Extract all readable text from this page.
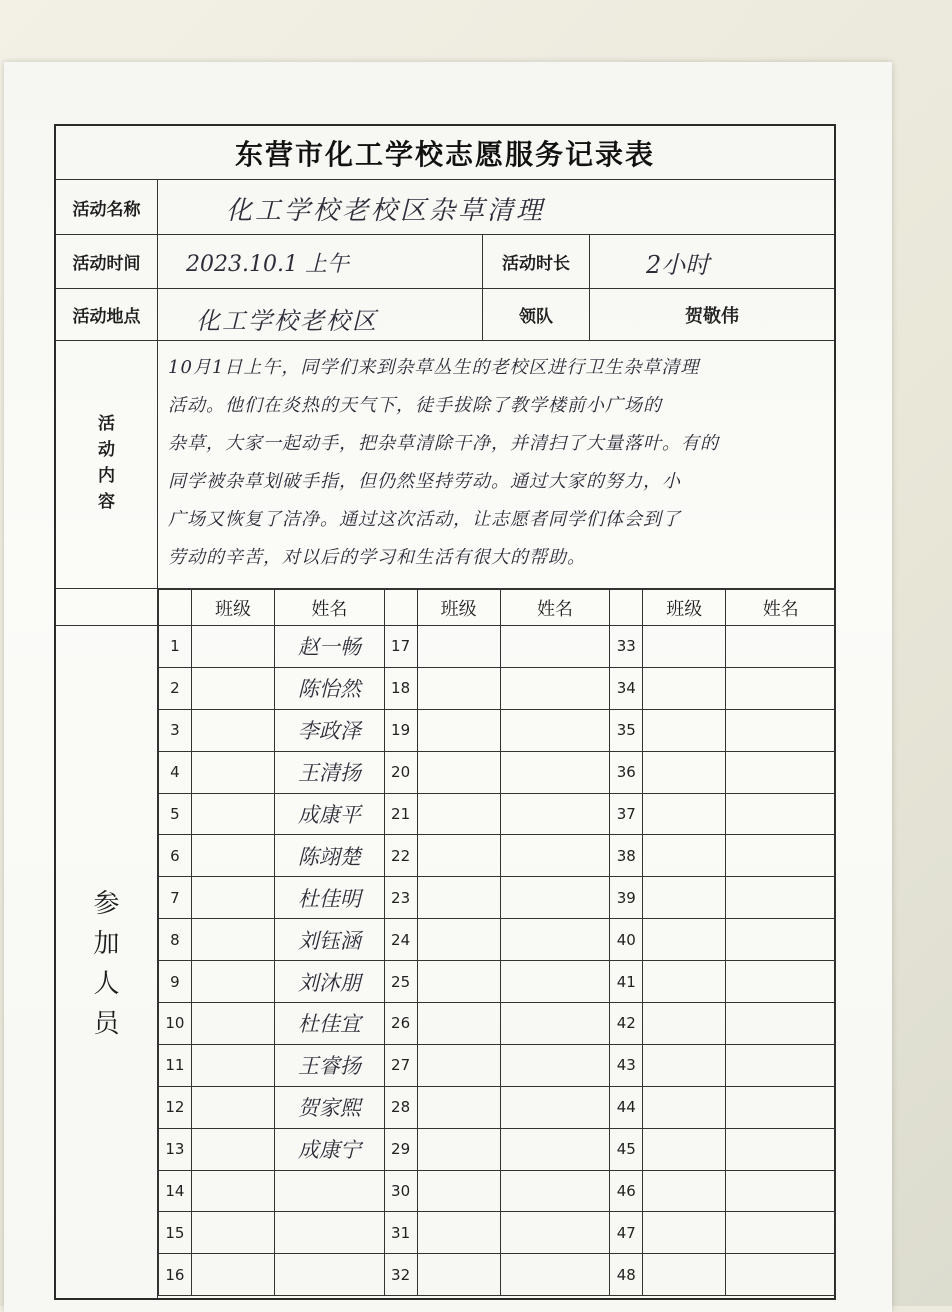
东营市化工学校志愿服务记录表
活动名称	化工学校老校区杂草清理
活动时间	2023.10.1 上午	活动时长	2小时
活动地点	化工学校老校区	领队	贺敬伟
活
动
内
容
10月1日上午，同学们来到杂草丛生的老校区进行卫生杂草清理
活动。他们在炎热的天气下，徒手拔除了教学楼前小广场的
杂草，大家一起动手，把杂草清除干净，并清扫了大量落叶。有的
同学被杂草划破手指，但仍然坚持劳动。通过大家的努力，小
广场又恢复了洁净。通过这次活动，让志愿者同学们体会到了
劳动的辛苦，对以后的学习和生活有很大的帮助。
参
加
人
员
	班级	姓名		班级	姓名		班级	姓名
1		赵一畅	17			33		
2		陈怡然	18			34		
3		李政泽	19			35		
4		王清扬	20			36		
5		成康平	21			37		
6		陈翊楚	22			38		
7		杜佳明	23			39		
8		刘钰涵	24			40		
9		刘沐朋	25			41		
10		杜佳宜	26			42		
11		王睿扬	27			43		
12		贺家熙	28			44		
13		成康宁	29			45		
14			30			46		
15			31			47		
16			32			48		
